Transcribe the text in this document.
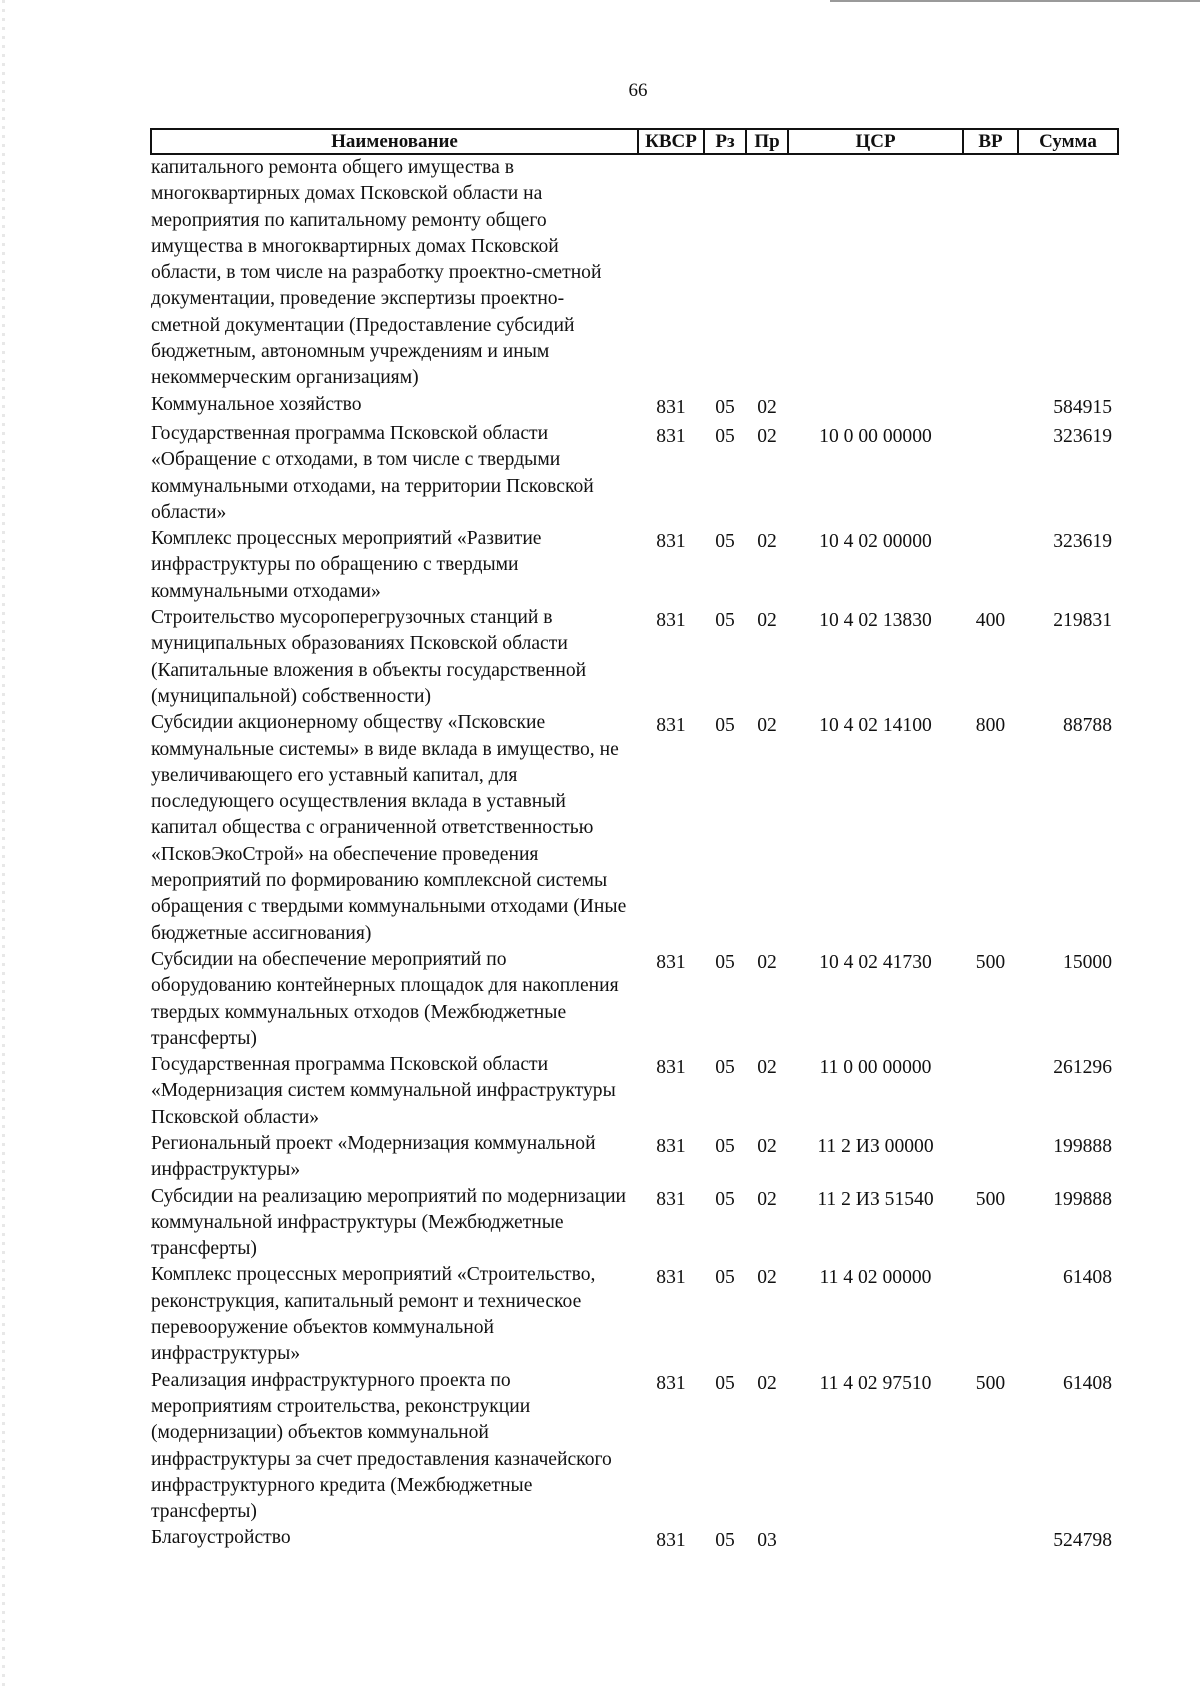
66
Наименование	КВСР	Рз	Пр	ЦСР	ВР	Сумма
капитального ремонта общего имущества в многоквартирных домах Псковской области на мероприятия по капитальному ремонту общего имущества в многоквартирных домах Псковской области, в том числе на разработку проектно-сметной документации, проведение экспертизы проектно-сметной документации (Предоставление субсидий бюджетным, автономным учреждениям и иным некоммерческим организациям)						
Коммунальное хозяйство	831	05	02			584915
Государственная программа Псковской области «Обращение с отходами, в том числе с твердыми коммунальными отходами, на территории Псковской области»	831	05	02	10 0 00 00000		323619
Комплекс процессных мероприятий «Развитие инфраструктуры по обращению с твердыми коммунальными отходами»	831	05	02	10 4 02 00000		323619
Строительство мусороперегрузочных станций в муниципальных образованиях Псковской области (Капитальные вложения в объекты государственной (муниципальной) собственности)	831	05	02	10 4 02 13830	400	219831
Субсидии акционерному обществу «Псковские коммунальные системы» в виде вклада в имущество, не увеличивающего его уставный капитал, для последующего осуществления вклада в уставный капитал общества с ограниченной ответственностью «ПсковЭкоСтрой» на обеспечение проведения мероприятий по формированию комплексной системы обращения с твердыми коммунальными отходами (Иные бюджетные ассигнования)	831	05	02	10 4 02 14100	800	88788
Субсидии на обеспечение мероприятий по оборудованию контейнерных площадок для накопления твердых коммунальных отходов (Межбюджетные трансферты)	831	05	02	10 4 02 41730	500	15000
Государственная программа Псковской области «Модернизация систем коммунальной инфраструктуры Псковской области»	831	05	02	11 0 00 00000		261296
Региональный проект «Модернизация коммунальной инфраструктуры»	831	05	02	11 2 ИЗ 00000		199888
Субсидии на реализацию мероприятий по модернизации коммунальной инфраструктуры (Межбюджетные трансферты)	831	05	02	11 2 ИЗ 51540	500	199888
Комплекс процессных мероприятий «Строительство, реконструкция, капитальный ремонт и техническое перевооружение объектов коммунальной инфраструктуры»	831	05	02	11 4 02 00000		61408
Реализация инфраструктурного проекта по мероприятиям строительства, реконструкции (модернизации) объектов коммунальной инфраструктуры за счет предоставления казначейского инфраструктурного кредита (Межбюджетные трансферты)	831	05	02	11 4 02 97510	500	61408
Благоустройство	831	05	03			524798
